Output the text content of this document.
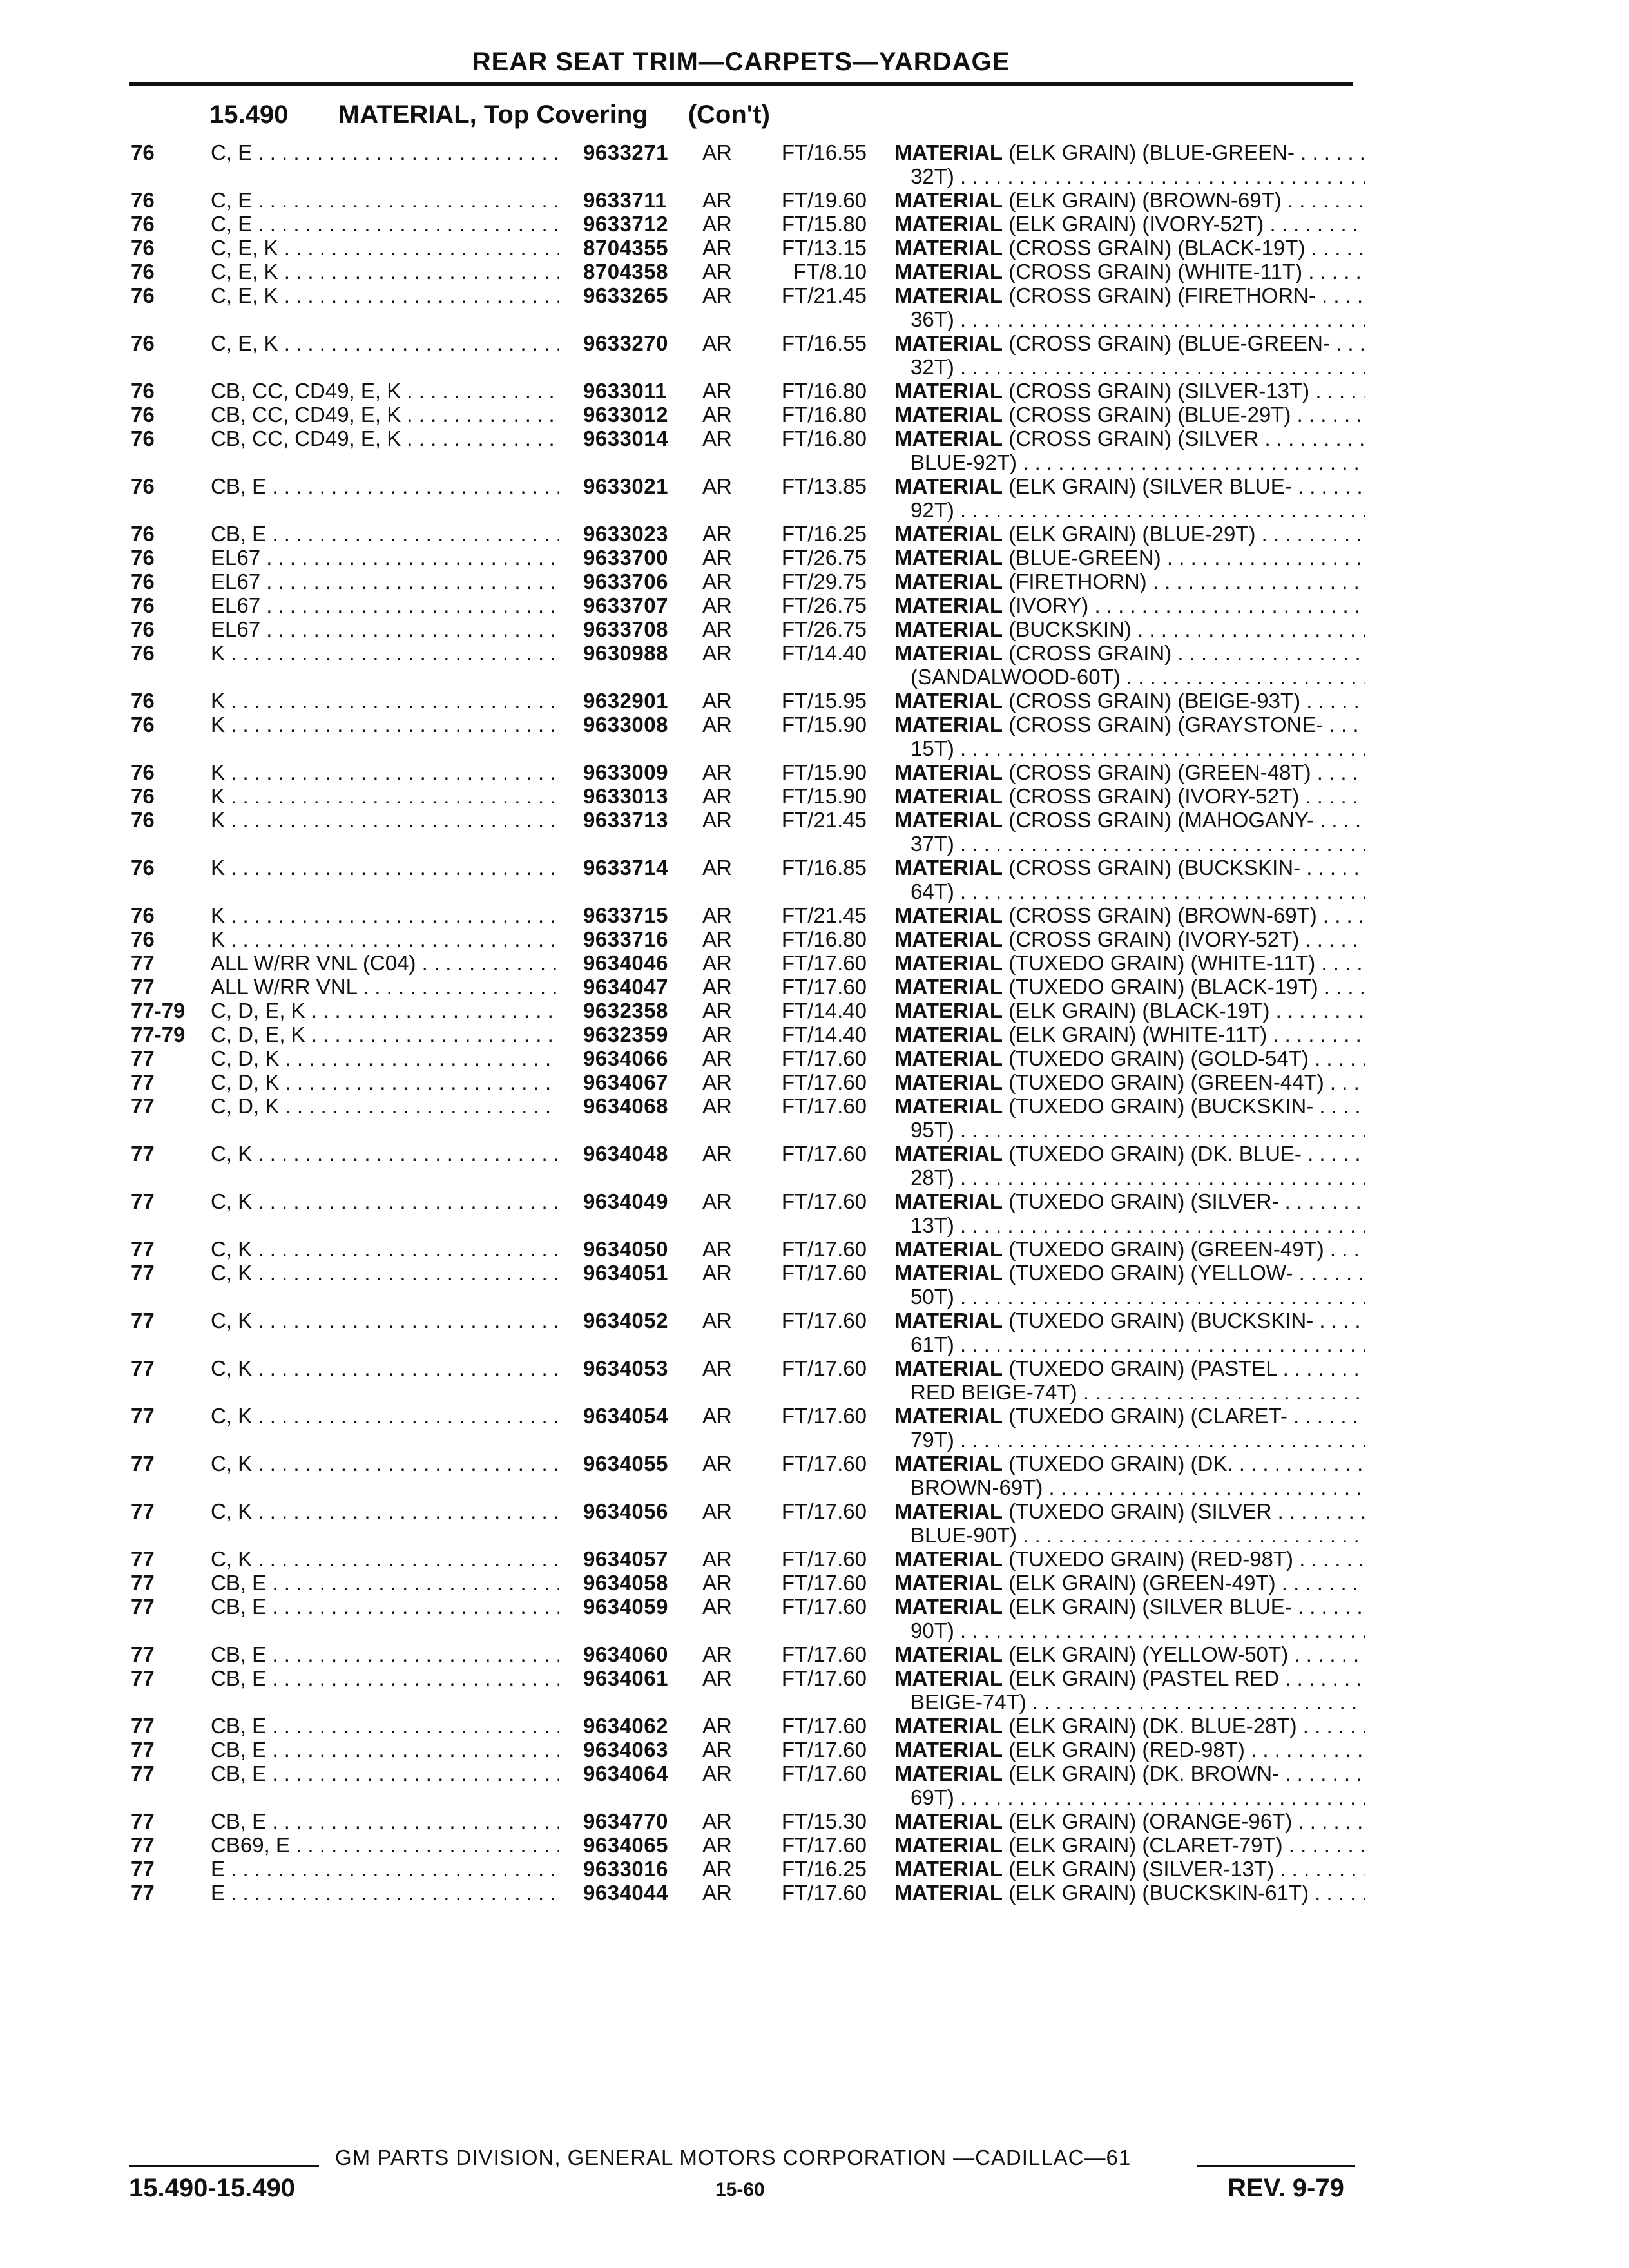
REAR SEAT TRIM—CARPETS—YARDAGE
15.490 MATERIAL, Top Covering (Con't)
76	C, E . . .	9633271 AR	FT/16.55 MATERIAL (ELK GRAIN) (BLUE-GREEN- . . .
32T) . . .
76	C, E . . .	9633711 AR	FT/19.60 MATERIAL (ELK GRAIN) (BROWN-69T) . . .
76	C, E . . .	9633712 AR	FT/15.80 MATERIAL (ELK GRAIN) (IVORY-52T) . . .
76	C, E, K . . .	8704355 AR	FT/13.15 MATERIAL (CROSS GRAIN) (BLACK-19T) . . .
76	C, E, K . . .	8704358 AR	FT/8.10 MATERIAL (CROSS GRAIN) (WHITE-11T) . . .
76	C, E, K . . .	9633265 AR	FT/21.45 MATERIAL (CROSS GRAIN) (FIRETHORN- . . .
36T) . . .
76	C, E, K . . .	9633270 AR	FT/16.55 MATERIAL (CROSS GRAIN) (BLUE-GREEN- . . .
32T) . . .
76	CB, CC, CD49, E, K . . .	9633011 AR	FT/16.80 MATERIAL (CROSS GRAIN) (SILVER-13T) . . .
76	CB, CC, CD49, E, K . . .	9633012 AR	FT/16.80 MATERIAL (CROSS GRAIN) (BLUE-29T) . . .
76	CB, CC, CD49, E, K . . .	9633014 AR	FT/16.80 MATERIAL (CROSS GRAIN) (SILVER . . .
BLUE-92T) . . .
76	CB, E . . .	9633021 AR	FT/13.85 MATERIAL (ELK GRAIN) (SILVER BLUE- . . .
92T) . . .
76	CB, E . . .	9633023 AR	FT/16.25 MATERIAL (ELK GRAIN) (BLUE-29T) . . .
76	EL67 . . .	9633700 AR	FT/26.75 MATERIAL (BLUE-GREEN) . . .
76	EL67 . . .	9633706 AR	FT/29.75 MATERIAL (FIRETHORN) . . .
76	EL67 . . .	9633707 AR	FT/26.75 MATERIAL (IVORY) . . .
76	EL67 . . .	9633708 AR	FT/26.75 MATERIAL (BUCKSKIN) . . .
76	K . . .	9630988 AR	FT/14.40 MATERIAL (CROSS GRAIN) . . .
(SANDALWOOD-60T) . . .
76	K . . .	9632901 AR	FT/15.95 MATERIAL (CROSS GRAIN) (BEIGE-93T) . . .
76	K . . .	9633008 AR	FT/15.90 MATERIAL (CROSS GRAIN) (GRAYSTONE- . . .
15T) . . .
76	K . . .	9633009 AR	FT/15.90 MATERIAL (CROSS GRAIN) (GREEN-48T) . . .
76	K . . .	9633013 AR	FT/15.90 MATERIAL (CROSS GRAIN) (IVORY-52T) . . .
76	K . . .	9633713 AR	FT/21.45 MATERIAL (CROSS GRAIN) (MAHOGANY- . . .
37T) . . .
76	K . . .	9633714 AR	FT/16.85 MATERIAL (CROSS GRAIN) (BUCKSKIN- . . .
64T) . . .
76	K . . .	9633715 AR	FT/21.45 MATERIAL (CROSS GRAIN) (BROWN-69T) . . .
76	K . . .	9633716 AR	FT/16.80 MATERIAL (CROSS GRAIN) (IVORY-52T) . . .
77	ALL W/RR VNL (C04) . . .	9634046 AR	FT/17.60 MATERIAL (TUXEDO GRAIN) (WHITE-11T) . . .
77	ALL W/RR VNL . . .	9634047 AR	FT/17.60 MATERIAL (TUXEDO GRAIN) (BLACK-19T) . . .
77-79 C, D, E, K . . .	9632358 AR	FT/14.40 MATERIAL (ELK GRAIN) (BLACK-19T) . . .
77-79 C, D, E, K . . .	9632359 AR	FT/14.40 MATERIAL (ELK GRAIN) (WHITE-11T) . . .
77	C, D, K . . .	9634066 AR	FT/17.60 MATERIAL (TUXEDO GRAIN) (GOLD-54T) . . .
77	C, D, K . . .	9634067 AR	FT/17.60 MATERIAL (TUXEDO GRAIN) (GREEN-44T) . . .
77	C, D, K . . .	9634068 AR	FT/17.60 MATERIAL (TUXEDO GRAIN) (BUCKSKIN- . . .
95T) . . .
77	C, K . . .	9634048 AR	FT/17.60 MATERIAL (TUXEDO GRAIN) (DK. BLUE- . . .
28T) . . .
77	C, K . . .	9634049 AR	FT/17.60 MATERIAL (TUXEDO GRAIN) (SILVER- . . .
13T) . . .
77	C, K . . .	9634050 AR	FT/17.60 MATERIAL (TUXEDO GRAIN) (GREEN-49T) . . .
77	C, K . . .	9634051 AR	FT/17.60 MATERIAL (TUXEDO GRAIN) (YELLOW- . . .
50T) . . .
77	C, K . . .	9634052 AR	FT/17.60 MATERIAL (TUXEDO GRAIN) (BUCKSKIN- . . .
61T) . . .
77	C, K . . .	9634053 AR	FT/17.60 MATERIAL (TUXEDO GRAIN) (PASTEL . . .
RED BEIGE-74T) . . .
77	C, K . . .	9634054 AR	FT/17.60 MATERIAL (TUXEDO GRAIN) (CLARET- . . .
79T) . . .
77	C, K . . .	9634055 AR	FT/17.60 MATERIAL (TUXEDO GRAIN) (DK. . . .
BROWN-69T) . . .
77	C, K . . .	9634056 AR	FT/17.60 MATERIAL (TUXEDO GRAIN) (SILVER . . .
BLUE-90T) . . .
77	C, K . . .	9634057 AR	FT/17.60 MATERIAL (TUXEDO GRAIN) (RED-98T) . . .
77	CB, E . . .	9634058 AR	FT/17.60 MATERIAL (ELK GRAIN) (GREEN-49T) . . .
77	CB, E . . .	9634059 AR	FT/17.60 MATERIAL (ELK GRAIN) (SILVER BLUE- . . .
90T) . . .
77	CB, E . . .	9634060 AR	FT/17.60 MATERIAL (ELK GRAIN) (YELLOW-50T) . . .
77	CB, E . . .	9634061 AR	FT/17.60 MATERIAL (ELK GRAIN) (PASTEL RED . . .
BEIGE-74T) . . .
77	CB, E . . .	9634062 AR	FT/17.60 MATERIAL (ELK GRAIN) (DK. BLUE-28T) . . .
77	CB, E . . .	9634063 AR	FT/17.60 MATERIAL (ELK GRAIN) (RED-98T) . . .
77	CB, E . . .	9634064 AR	FT/17.60 MATERIAL (ELK GRAIN) (DK. BROWN- . . .
69T) . . .
77	CB, E . . .	9634770 AR	FT/15.30 MATERIAL (ELK GRAIN) (ORANGE-96T) . . .
77	CB69, E . . .	9634065 AR	FT/17.60 MATERIAL (ELK GRAIN) (CLARET-79T) . . .
77	E . . .	9633016 AR	FT/16.25 MATERIAL (ELK GRAIN) (SILVER-13T) . . .
77	E . . .	9634044 AR	FT/17.60 MATERIAL (ELK GRAIN) (BUCKSKIN-61T) . . .
GM PARTS DIVISION, GENERAL MOTORS CORPORATION —CADILLAC—61
15.490-15.490	15-60	REV. 9-79
